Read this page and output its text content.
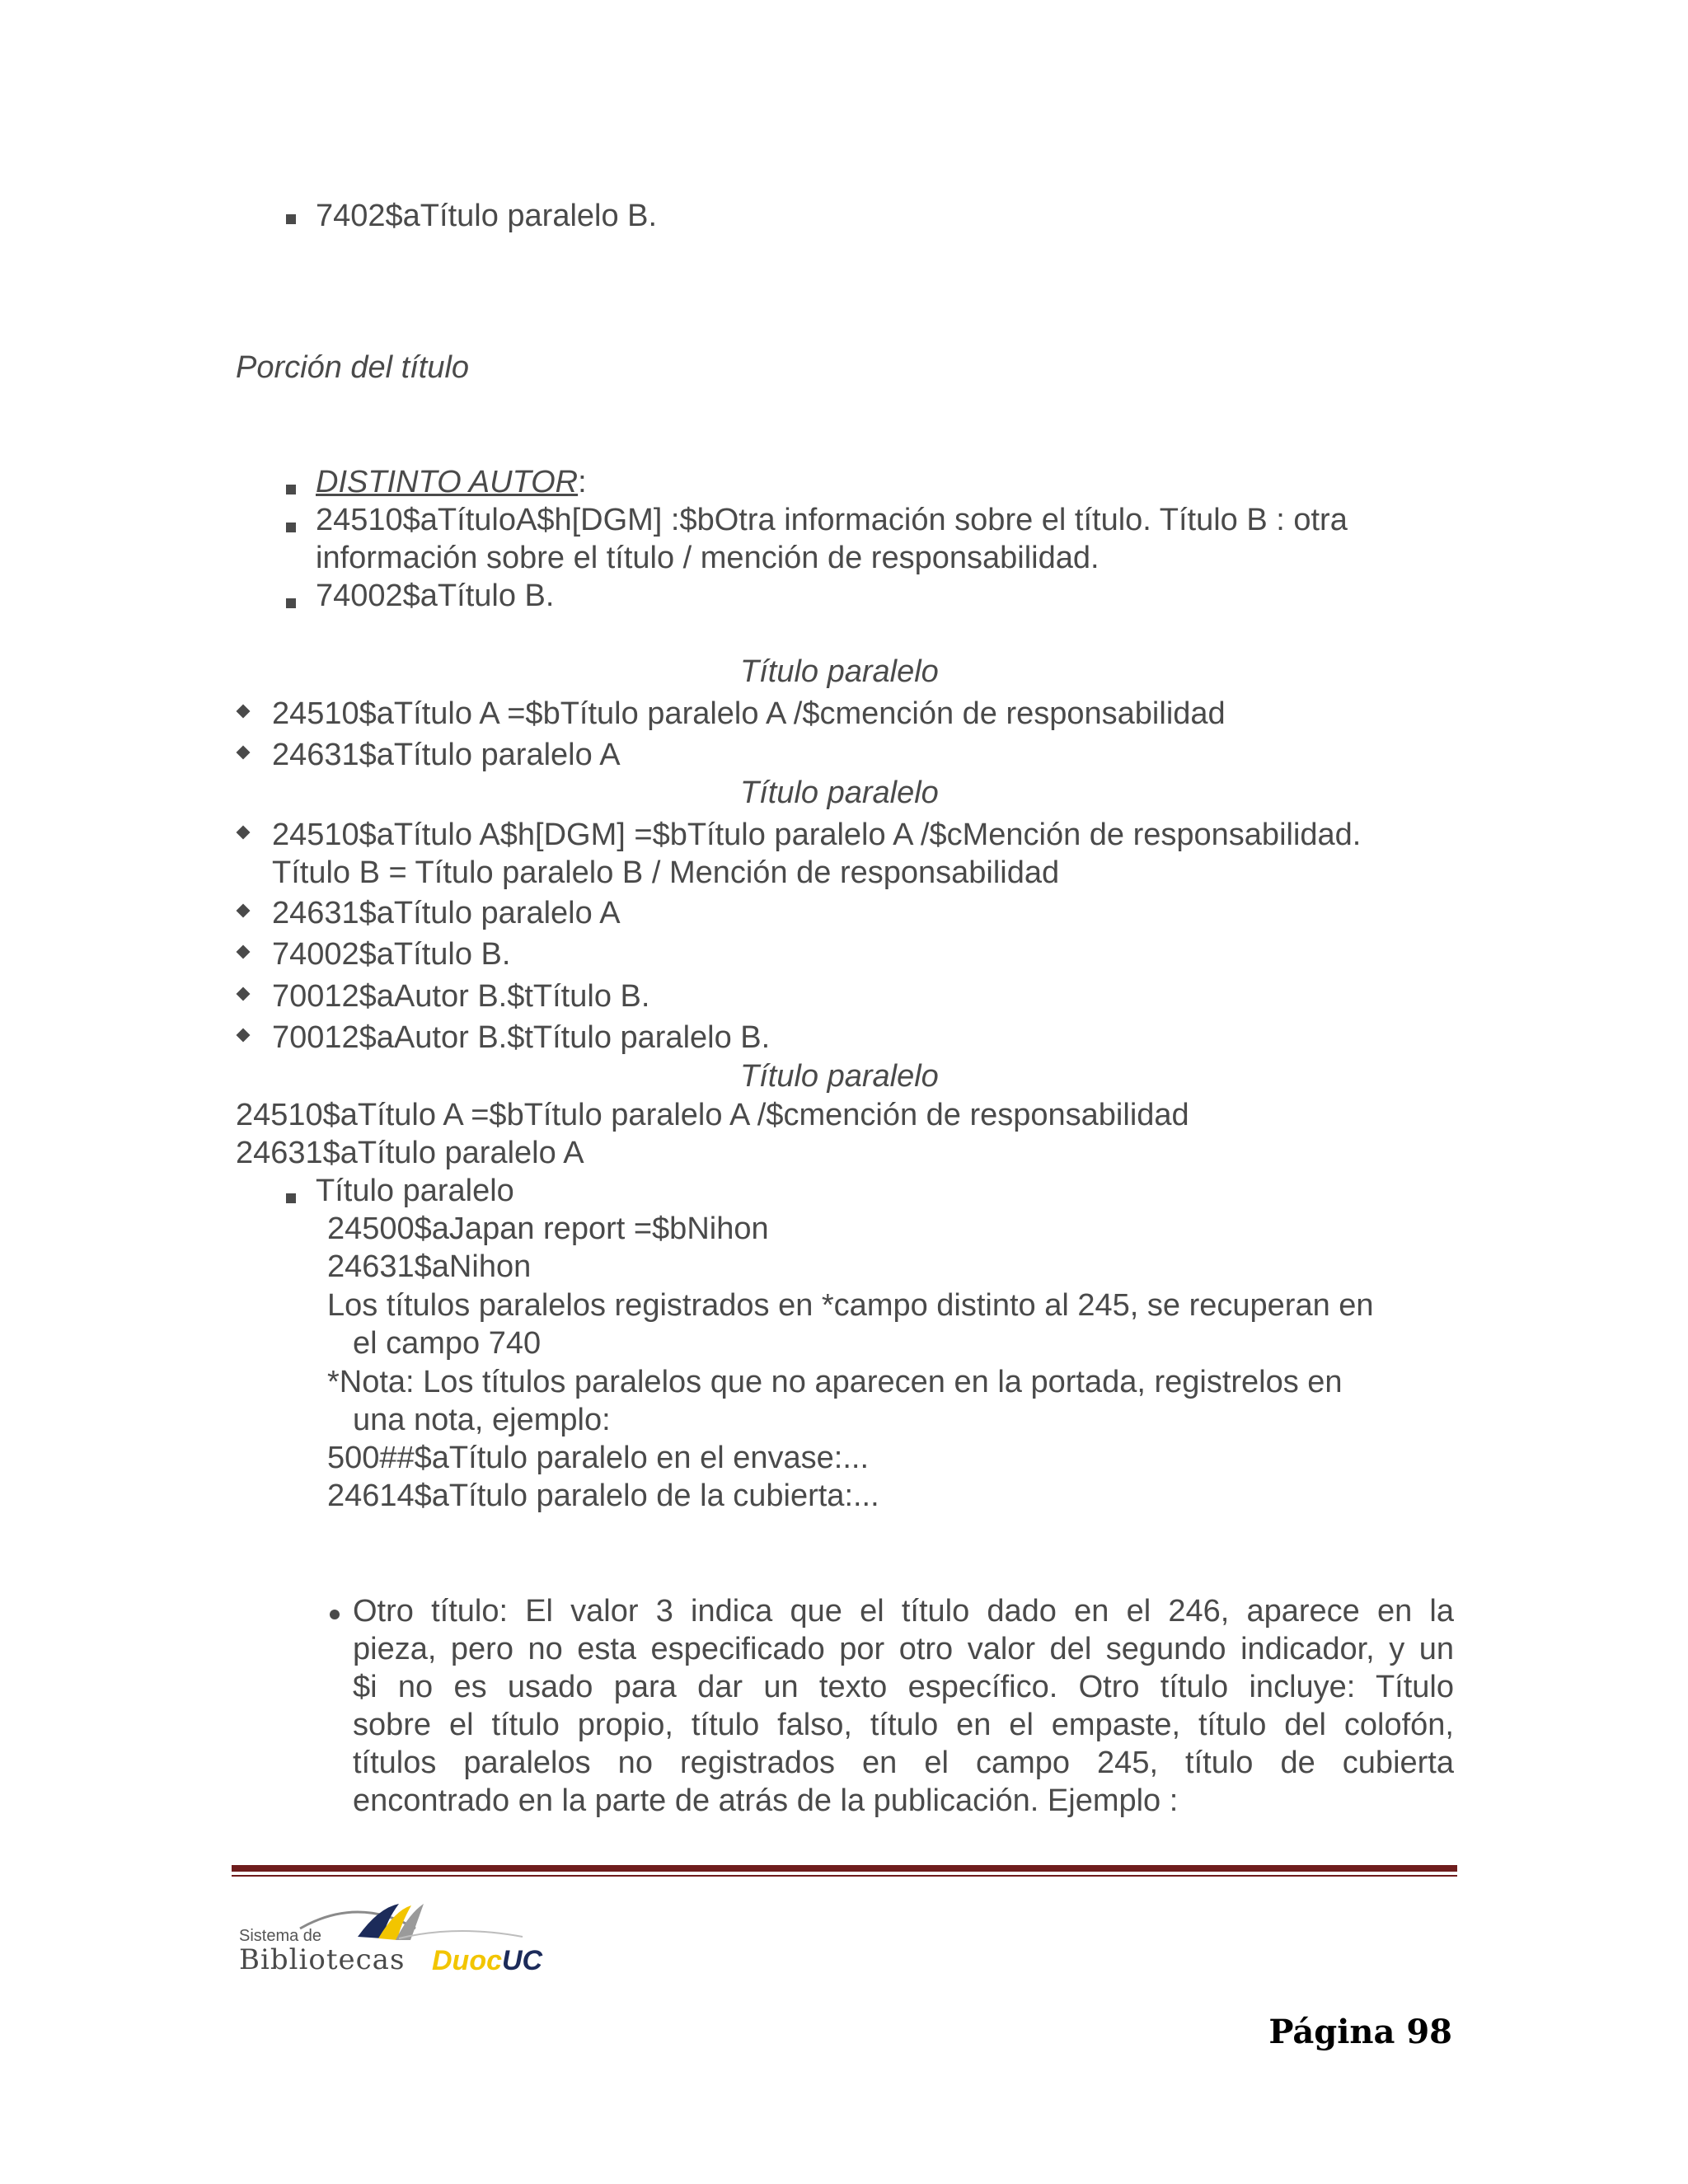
7402$aTítulo paralelo B.
Porción del título
DISTINTO AUTOR:
24510$aTítuloA$h[DGM] :$bOtra información sobre el título. Título B : otra
información sobre el título / mención de responsabilidad.
74002$aTítulo B.
Título paralelo
24510$aTítulo A =$bTítulo paralelo A /$cmención de responsabilidad
24631$aTítulo paralelo A
Título paralelo
24510$aTítulo A$h[DGM] =$bTítulo paralelo A /$cMención de responsabilidad.
Título B = Título paralelo B / Mención de responsabilidad
24631$aTítulo paralelo A
74002$aTítulo B.
70012$aAutor B.$tTítulo B.
70012$aAutor B.$tTítulo paralelo B.
Título paralelo
24510$aTítulo A =$bTítulo paralelo A /$cmención de responsabilidad
24631$aTítulo paralelo A
Título paralelo
24500$aJapan report =$bNihon
24631$aNihon
Los títulos paralelos registrados en *campo distinto al 245, se recuperan en
el campo 740
*Nota: Los títulos paralelos que no aparecen en la portada, registrelos en
una nota, ejemplo:
500##$aTítulo paralelo en el envase:...
24614$aTítulo paralelo de la cubierta:...
Otro título: El valor 3 indica que el título dado en el 246, aparece en la
pieza, pero no esta especificado por otro valor del segundo indicador, y un
$i no es usado para dar un texto específico. Otro título incluye: Título
sobre el título propio, título falso, título en el empaste, título del colofón,
títulos paralelos no registrados en el campo 245, título de cubierta
encontrado en la parte de atrás de la publicación. Ejemplo :
Sistema de
Bibliotecas DuocUC
Página 98
